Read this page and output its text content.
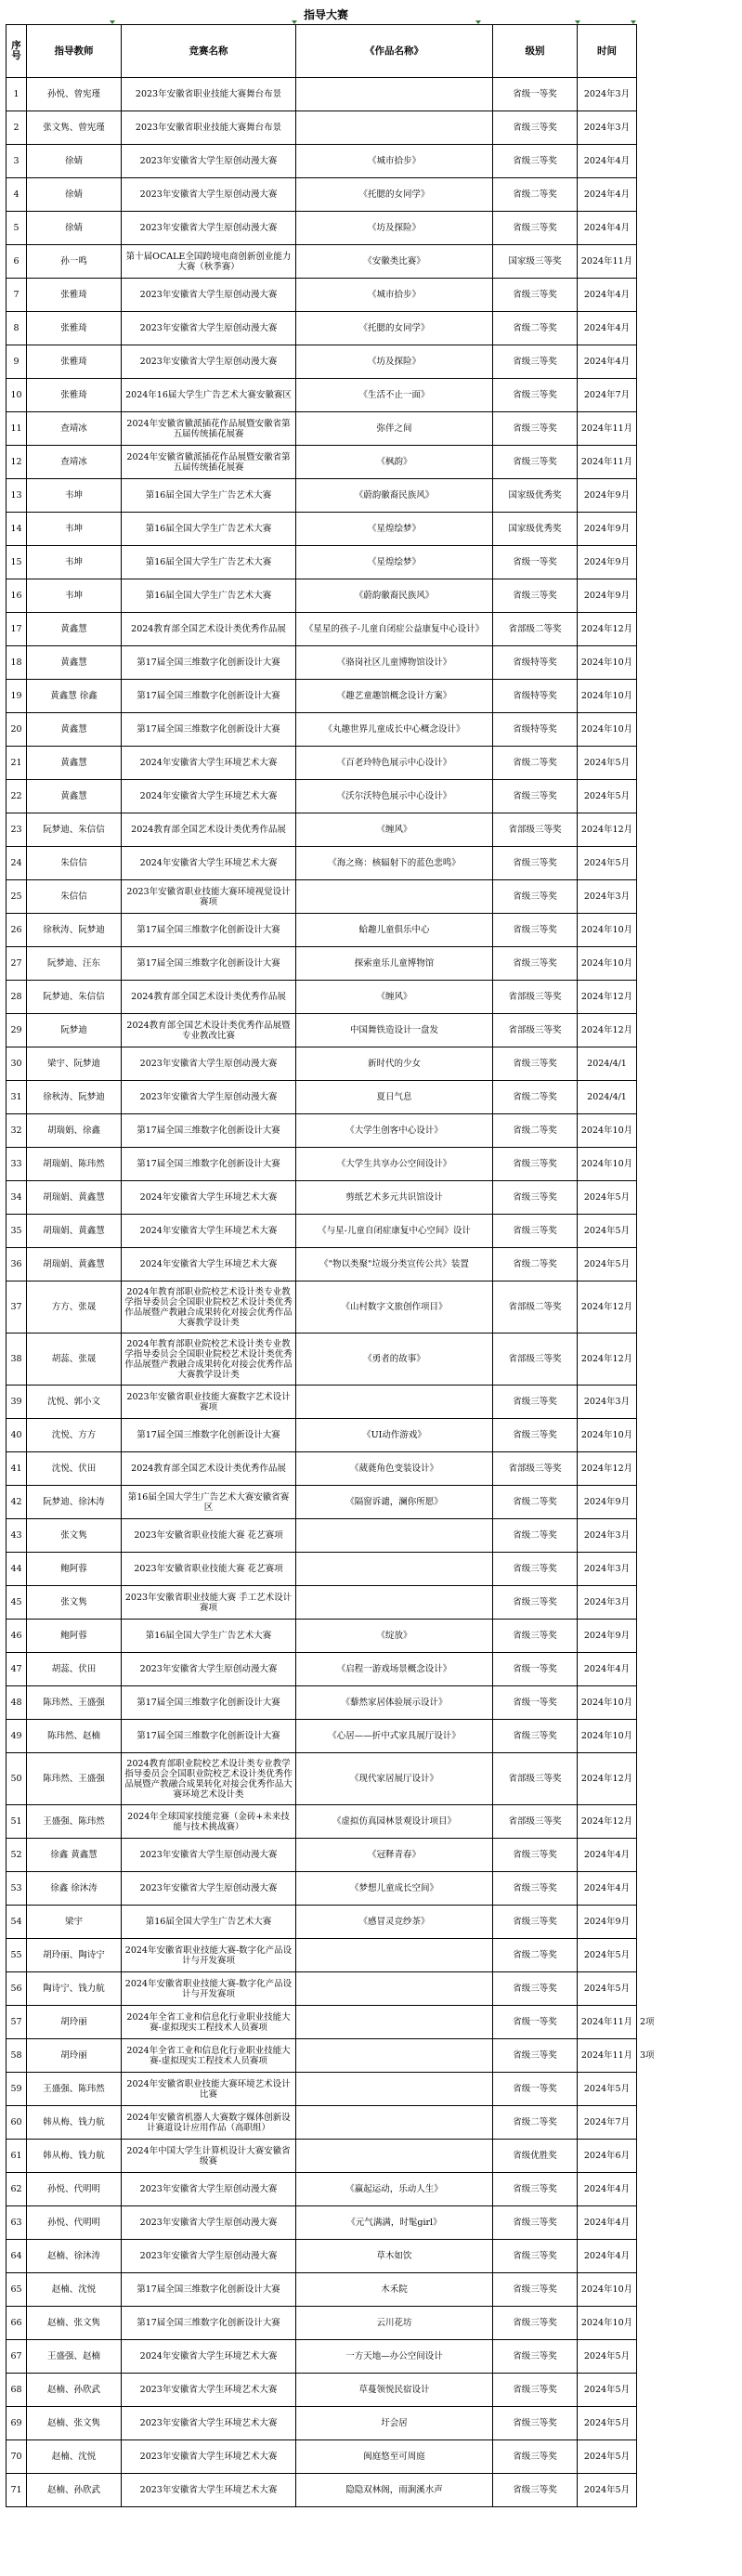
指导大赛
序号	指导教师	竞赛名称	《作品名称》	级别	时间	
1	孙悦、曾宪瑾	2023年安徽省职业技能大赛舞台布景		省级一等奖	2024年3月	
2	张文隽、曾宪瑾	2023年安徽省职业技能大赛舞台布景		省级三等奖	2024年3月	
3	徐婧	2023年安徽省大学生原创动漫大赛	《城市拾步》	省级三等奖	2024年4月	
4	徐婧	2023年安徽省大学生原创动漫大赛	《托腮的女同学》	省级二等奖	2024年4月	
5	徐婧	2023年安徽省大学生原创动漫大赛	《坊及探险》	省级三等奖	2024年4月	
6	孙一鸣	第十届OCALE全国跨境电商创新创业能力大赛（秋季赛）	《安徽类比赛》	国家级三等奖	2024年11月	
7	张雅琦	2023年安徽省大学生原创动漫大赛	《城市拾步》	省级三等奖	2024年4月	
8	张雅琦	2023年安徽省大学生原创动漫大赛	《托腮的女同学》	省级二等奖	2024年4月	
9	张雅琦	2023年安徽省大学生原创动漫大赛	《坊及探险》	省级三等奖	2024年4月	
10	张雅琦	2024年16届大学生广告艺术大赛安徽赛区	《生活不止一面》	省级三等奖	2024年7月	
11	查靖冰	2024年安徽省徽派插花作品展暨安徽省第五届传统插花展赛	弥伴之间	省级三等奖	2024年11月	
12	查靖冰	2024年安徽省徽派插花作品展暨安徽省第五届传统插花展赛	《枫韵》	省级三等奖	2024年11月	
13	韦坤	第16届全国大学生广告艺术大赛	《蔚韵徽裔民族风》	国家级优秀奖	2024年9月	
14	韦坤	第16届全国大学生广告艺术大赛	《星煌绘梦》	国家级优秀奖	2024年9月	
15	韦坤	第16届全国大学生广告艺术大赛	《星煌绘梦》	省级一等奖	2024年9月	
16	韦坤	第16届全国大学生广告艺术大赛	《蔚韵徽裔民族风》	省级三等奖	2024年9月	
17	黄鑫慧	2024教育部全国艺术设计类优秀作品展	《星星的孩子-儿童自闭症公益康复中心设计》	省部级二等奖	2024年12月	
18	黄鑫慧	第17届全国三维数字化创新设计大赛	《骆岗社区儿童博物馆设计》	省级特等奖	2024年10月	
19	黄鑫慧 徐鑫	第17届全国三维数字化创新设计大赛	《趣艺童趣馆概念设计方案》	省级特等奖	2024年10月	
20	黄鑫慧	第17届全国三维数字化创新设计大赛	《丸趣世界儿童成长中心概念设计》	省级特等奖	2024年10月	
21	黄鑫慧	2024年安徽省大学生环境艺术大赛	《百老玲特色展示中心设计》	省级二等奖	2024年5月	
22	黄鑫慧	2024年安徽省大学生环境艺术大赛	《沃尔沃特色展示中心设计》	省级三等奖	2024年5月	
23	阮梦迪、朱信信	2024教育部全国艺术设计类优秀作品展	《缠风》	省部级三等奖	2024年12月	
24	朱信信	2024年安徽省大学生环境艺术大赛	《海之殇：核辐射下的蓝色悲鸣》	省级三等奖	2024年5月	
25	朱信信	2023年安徽省职业技能大赛环境视觉设计赛项		省级三等奖	2024年3月	
26	徐秋涛、阮梦迪	第17届全国三维数字化创新设计大赛	蛤趣儿童俱乐中心	省级三等奖	2024年10月	
27	阮梦迪、汪东	第17届全国三维数字化创新设计大赛	探索童乐儿童博物馆	省级三等奖	2024年10月	
28	阮梦迪、朱信信	2024教育部全国艺术设计类优秀作品展	《缠风》	省部级三等奖	2024年12月	
29	阮梦迪	2024教育部全国艺术设计类优秀作品展暨专业教改比赛	中国舞铁造设计一盘发	省部级三等奖	2024年12月	
30	梁宇、阮梦迪	2023年安徽省大学生原创动漫大赛	新时代的少女	省级三等奖	2024/4/1	
31	徐秋涛、阮梦迪	2023年安徽省大学生原创动漫大赛	夏日气息	省级二等奖	2024/4/1	
32	胡瑞娟、徐鑫	第17届全国三维数字化创新设计大赛	《大学生创客中心设计》	省级二等奖	2024年10月	
33	胡瑞娟、陈玮然	第17届全国三维数字化创新设计大赛	《大学生共享办公空间设计》	省级三等奖	2024年10月	
34	胡瑞娟、黄鑫慧	2024年安徽省大学生环境艺术大赛	剪纸艺术多元共识馆设计	省级三等奖	2024年5月	
35	胡瑞娟、黄鑫慧	2024年安徽省大学生环境艺术大赛	《与星-儿童自闭症康复中心空间》设计	省级三等奖	2024年5月	
36	胡瑞娟、黄鑫慧	2024年安徽省大学生环境艺术大赛	《"物以类聚"垃圾分类宣传公共》装置	省级二等奖	2024年5月	
37	方方、张晟	2024年教育部职业院校艺术设计类专业教学指导委员会全国职业院校艺术设计类优秀作品展暨产教融合成果转化对接会优秀作品大赛教学设计类	《山村数字文旅创作项目》	省部级二等奖	2024年12月	
38	胡蕊、张晟	2024年教育部职业院校艺术设计类专业教学指导委员会全国职业院校艺术设计类优秀作品展暨产教融合成果转化对接会优秀作品大赛教学设计类	《勇者的故事》	省部级三等奖	2024年12月	
39	沈悦、郭小文	2023年安徽省职业技能大赛数字艺术设计赛项		省级三等奖	2024年3月	
40	沈悦、方方	第17届全国三维数字化创新设计大赛	《UI动作游戏》	省级三等奖	2024年10月	
41	沈悦、伏田	2024教育部全国艺术设计类优秀作品展	《葳蕤角色变装设计》	省部级三等奖	2024年12月	
42	阮梦迪、徐沐涛	第16届全国大学生广告艺术大赛安徽省赛区	《隔窗诉谴，澜你所愿》	省级二等奖	2024年9月	
43	张文隽	2023年安徽省职业技能大赛 花艺赛项		省级二等奖	2024年3月	
44	鲍阿蓉	2023年安徽省职业技能大赛 花艺赛项		省级三等奖	2024年3月	
45	张文隽	2023年安徽省职业技能大赛 手工艺术设计赛项		省级三等奖	2024年3月	
46	鲍阿蓉	第16届全国大学生广告艺术大赛	《绽放》	省级三等奖	2024年9月	
47	胡蕊、伏田	2023年安徽省大学生原创动漫大赛	《启程一游戏场景概念设计》	省级一等奖	2024年4月	
48	陈玮然、王盛强	第17届全国三维数字化创新设计大赛	《藜然家居体验展示设计》	省级一等奖	2024年10月	
49	陈玮然、赵楠	第17届全国三维数字化创新设计大赛	《心居——折中式家具展厅设计》	省级三等奖	2024年10月	
50	陈玮然、王盛强	2024教育部职业院校艺术设计类专业教学指导委员会全国职业院校艺术设计类优秀作品展暨产教融合成果转化对接会优秀作品大赛环境艺术设计类	《现代家居展厅设计》	省部级三等奖	2024年12月	
51	王盛强、陈玮然	2024年全球国家技能竞赛（金砖+未来技能与技术挑战赛）	《虚拟仿真园林景观设计项目》	省部级三等奖	2024年12月	
52	徐鑫 黄鑫慧	2023年安徽省大学生原创动漫大赛	《冠释青春》	省级三等奖	2024年4月	
53	徐鑫 徐沐涛	2023年安徽省大学生原创动漫大赛	《梦想儿童成长空间》	省级三等奖	2024年4月	
54	梁宇	第16届全国大学生广告艺术大赛	《感冒灵竞纱茶》	省级三等奖	2024年9月	
55	胡玲丽、陶诗宁	2024年安徽省职业技能大赛-数字化产品设计与开发赛项		省级二等奖	2024年5月	
56	陶诗宁、钱力航	2024年安徽省职业技能大赛-数字化产品设计与开发赛项		省级三等奖	2024年5月	
57	胡玲丽	2024年全省工业和信息化行业职业技能大赛-虚拟现实工程技术人员赛项		省级一等奖	2024年11月	2项
58	胡玲丽	2024年全省工业和信息化行业职业技能大赛-虚拟现实工程技术人员赛项		省级三等奖	2024年11月	3项
59	王盛强、陈玮然	2024年安徽省职业技能大赛环境艺术设计比赛		省级一等奖	2024年5月	
60	韩从梅、钱力航	2024年安徽省机器人大赛数字媒体创新设计赛道设计应用作品（高职组）		省级二等奖	2024年7月	
61	韩从梅、钱力航	2024年中国大学生计算机设计大赛安徽省级赛		省级优胜奖	2024年6月	
62	孙悦、代明明	2023年安徽省大学生原创动漫大赛	《赢起运动，乐动人生》	省级三等奖	2024年4月	
63	孙悦、代明明	2023年安徽省大学生原创动漫大赛	《元气满满，时髦girl》	省级三等奖	2024年4月	
64	赵楠、徐沐涛	2023年安徽省大学生原创动漫大赛	草木如饮	省级三等奖	2024年4月	
65	赵楠、沈悦	第17届全国三维数字化创新设计大赛	木禾院	省级三等奖	2024年10月	
66	赵楠、张文隽	第17届全国三维数字化创新设计大赛	云川花坊	省级三等奖	2024年10月	
67	王盛强、赵楠	2024年安徽省大学生环境艺术大赛	一方天地—办公空间设计	省级三等奖	2024年5月	
68	赵楠、孙欣武	2023年安徽省大学生环境艺术大赛	草蔓领悦民宿设计	省级三等奖	2024年5月	
69	赵楠、张文隽	2023年安徽省大学生环境艺术大赛	圩会居	省级三等奖	2024年5月	
70	赵楠、沈悦	2023年安徽省大学生环境艺术大赛	闽庭悠至可周庭	省级三等奖	2024年5月	
71	赵楠、孙欣武	2023年安徽省大学生环境艺术大赛	隐隐双林阁，雨涧溪水声	省级三等奖	2024年5月	
